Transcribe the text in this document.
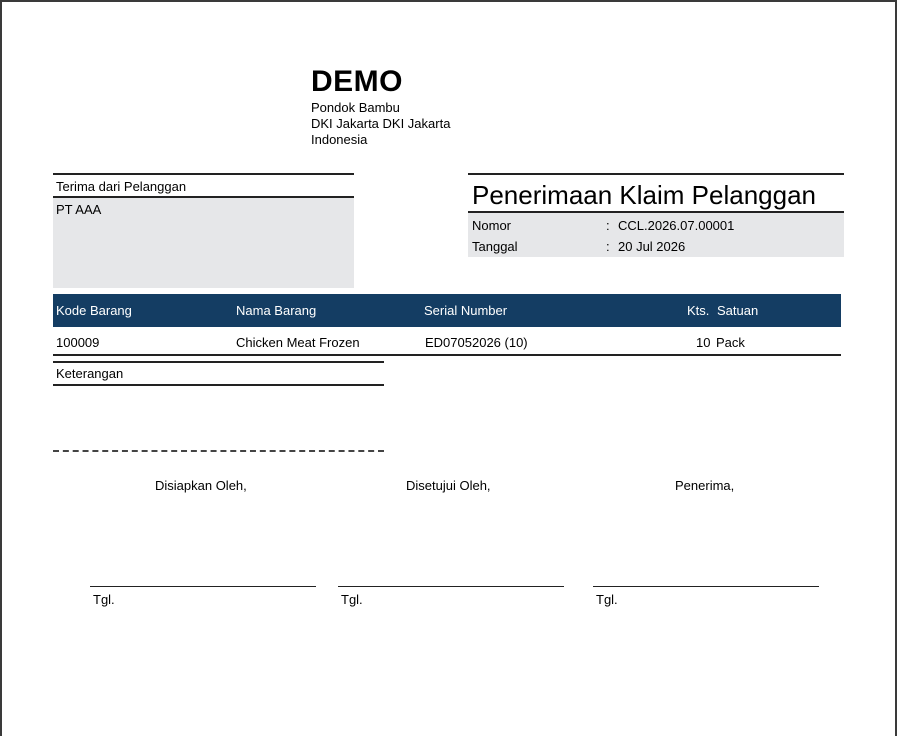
DEMO
Pondok Bambu
DKI Jakarta DKI Jakarta
Indonesia
Terima dari Pelanggan
PT AAA	Penerimaan Klaim Pelanggan
Nomor	: CCL.2026.07.00001
Tanggal	: 20 Jul 2026
Kode Barang	Nama Barang	Serial Number	Kts. Satuan
100009	Chicken Meat Frozen	ED07052026 (10)	10 Pack
Keterangan
Disiapkan Oleh,	Disetujui Oleh,	Penerima,
Tgl.	Tgl.	Tgl.
